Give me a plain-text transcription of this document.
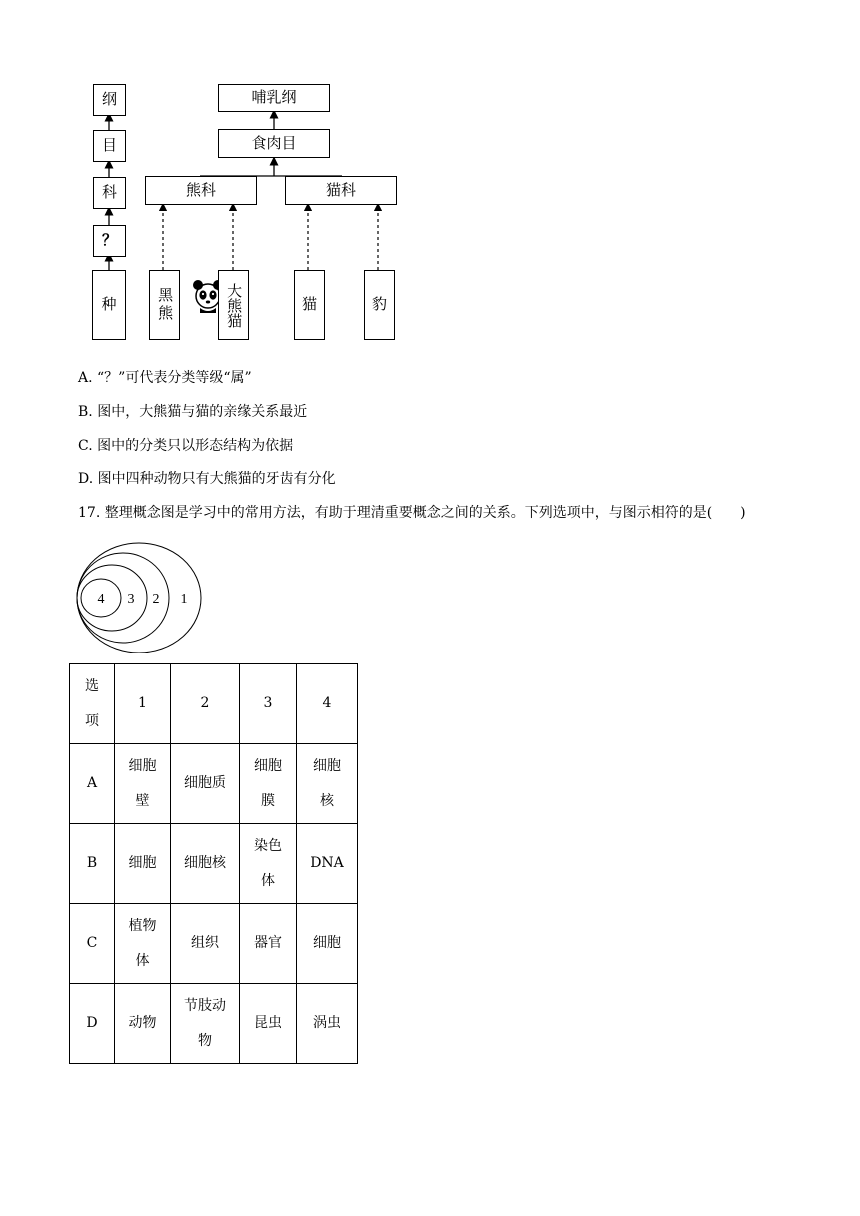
纲
目
科
？
种
哺乳纲
食肉目
熊科	猫科
黑熊	大熊猫	猫	豹
A. “？”可代表分类等级“属”
B. 图中，大熊猫与猫的亲缘关系最近
C. 图中的分类只以形态结构为依据
D. 图中四种动物只有大熊猫的牙齿有分化
17. 整理概念图是学习中的常用方法，有助于理清重要概念之间的关系。下列选项中，与图示相符的是(　　)
4 3 2 1
选项	1	2	3	4
A	细胞壁	细胞质	细胞膜	细胞核
B	细胞	细胞核	染色体	DNA
C	植物体	组织	器官	细胞
D	动物	节肢动物	昆虫	涡虫
